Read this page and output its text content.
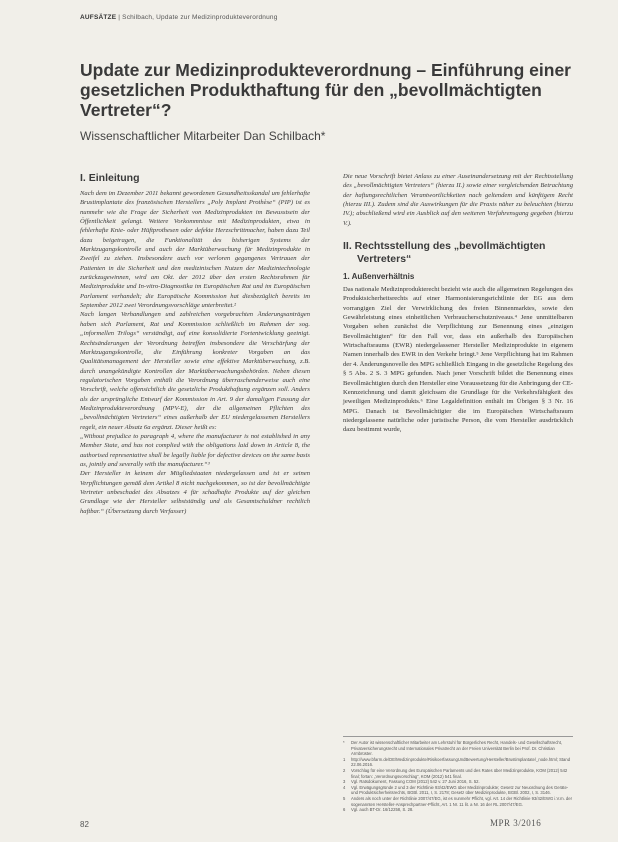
AUFSÄTZE | Schilbach, Update zur Medizinprodukteverordnung
Update zur Medizinprodukteverordnung – Einführung einer gesetzlichen Produkthaftung für den „bevollmächtigten Vertreter“?
Wissenschaftlicher Mitarbeiter Dan Schilbach*
I. Einleitung

Nach dem im Dezember 2011 bekannt gewordenen Gesundheitsskandal um fehlerhafte Brustimplantate des französischen Herstellers „Poly Implant Prothèse“ (PIP) ist es nunmehr wie die Frage der Sicherheit von Medizinprodukten im Bewusstsein der Öffentlichkeit gelangt. Weitere Vorkommnisse mit Medizinprodukten, etwa in fehlerhafte Knie- oder Hüftprothesen oder defekte Herzschrittmacher, haben dazu Teil dazu beigetragen, die Funktionalität des bisherigen Systems der Marktzugangskontrolle und auch der Marktüberwachung für Medizinprodukte in Zweifel zu ziehen. Insbesondere auch vor verloren gegangenes Vertrauen der Patienten in die Sicherheit und den medizinischen Nutzen der Medizintechnologie zurückzugewinnen, wird am Okt. der 2012 über den ersten Rechtsrahmen für Medizinprodukte und In-vitro-Diagnostika im Europäischen Rat und im Europäischen Parlament verhandelt; die Europäische Kommission hat diesbezüglich bereits im September 2012 zwei Verordnungsvorschläge unterbreitet.²

Nach langen Verhandlungen und zahlreichen vorgebrachten Änderungsanträgen haben sich Parlament, Rat und Kommission schließlich im Rahmen der sog. „informellen Trilogs“ verständigt, auf eine konsolidierte Fortentwicklung geeinigt. Rechtsänderungen der Verordnung betreffen insbesondere die Verschärfung der Marktzugangskontrolle, die Einführung konkreter Vorgaben an das Qualitätsmanagement der Hersteller sowie eine effektive Marktüberwachung, z.B. durch unangekündigte Kontrollen der Marktüberwachungsbehörden. Neben diesen regulatorischen Vorgaben enthält die Verordnung überraschenderweise auch eine Vorschrift, welche offensichtlich die gesetzliche Produkthaftung ergänzen soll. Anders als der ursprüngliche Entwurf der Kommission in Art. 9 der damaligen Fassung der Medizinprodukteverordnung (MPV-E), der die allgemeinen Pflichten des „bevollmächtigten Vertreters“ eines außerhalb der EU niedergelassenen Herstellers regelt, ein neuer Absatz 6a ergänzt. Dieser heißt es:

„Without prejudice to paragraph 4, where the manufacturer is not established in any Member State, and has not complied with the obligations laid down in Article 8, the authorised representative shall be legally liable for defective devices on the same basis as, jointly and severally with the manufacturer.“³

Der Hersteller in keinem der Mitgliedstaaten niedergelassen und ist er seinen Verpflichtungen gemäß dem Artikel 8 nicht nachgekommen, so ist der bevollmächtigte Vertreter unbeschadet des Absatzes 4 für schadhafte Produkte auf der gleichen Grundlage wie der Hersteller selbstständig und als Gesamtschuldner rechtlich haftbar.“ (Übersetzung durch Verfasser)

Die neue Vorschrift bietet Anlass zu einer Auseinandersetzung mit der Rechtsstellung des „bevollmächtigten Vertreters“ (hierzu II.) sowie einer vergleichenden Betrachtung der haftungsrechtlichen Verantwortlichkeiten nach geltendem und künftigem Recht (hierzu III.). Zudem sind die Auswirkungen für die Praxis näher zu beleuchten (hierzu IV.); abschließend wird ein Ausblick auf den weiteren Verfahrensgang gegeben (hierzu V.).

II. Rechtsstellung des „bevollmächtigten Vertreters“
1. Außenverhältnis

Das nationale Medizinprodukterecht bezieht wie auch die allgemeinen Regelungen des Produktsicherheitsrechts auf einer Harmonisierungsrichtlinie der EG aus dem vorrangigen Ziel der Verwirklichung des freien Binnenmarktes, sowie den Gewährleistung eines einheitlichen Verbraucherschutzniveaus.⁴ Jene unmittelbaren Vorgaben sehen zunächst die Verpflichtung zur Benennung eines „einzigen Bevollmächtigten“ für den Fall vor, dass ein außerhalb des Europäischen Wirtschaftsraums (EWR) niedergelassener Hersteller Medizinprodukte in eigenem Namen innerhalb des EWR in den Verkehr bringt.⁵ Jene Verpflichtung hat im Rahmen der 4. Änderungsnovelle des MPG schließlich Eingang in die gesetzliche Regelung des § 5 Abs. 2 S. 3 MPG gefunden. Nach jener Vorschrift bildet die Benennung eines Bevollmächtigten durch den Hersteller eine Voraussetzung für die Anbringung der CE-Kennzeichnung und damit gleichsam die Grundlage für die Verkehrsfähigkeit des jeweiligen Medizinprodukts.⁶ Eine Legaldefinition enthält im Übrigen § 3 Nr. 16 MPG. Danach ist Bevollmächtigter die im Europäischen Wirtschaftsraum niedergelassene natürliche oder juristische Person, die vom Hersteller ausdrücklich dazu bestimmt wurde,

*	Der Autor ist wissenschaftlicher Mitarbeiter am Lehrstuhl für Bürgerliches Recht, Handels- und Gesellschaftsrecht, Privatversicherungsrecht und Internationales Privatrecht an der Freien Universität Berlin bei Prof. Dr. Christian Armbrüster.
1	http://www.bfarm.de/DE/Medizinprodukte/RisikoerfassungUndBewertung/Hersteller/Brustimplantate/_node.html; Stand 22.06.2016.
2	Vorschlag für eine Verordnung des Europäischen Parlaments und des Rates über Medizinprodukte, KOM (2012) 542 final; fortan: „Verordnungsvorschlag“, KOM (2012) 541 final.
3	Vgl. Ratsdokument, Fassung COM (2012) 542 v. 27 Juni 2016, S. 52.
4	Vgl. Erwägungsgründe 2 und 3 der Richtlinie 93/42/EWG über Medizinprodukte; Gesetz zur Neuordnung des Geräte- und Produktsicherheitsrechts, BGBl. 2011, I, S. 2178; Gesetz über Medizinprodukte, BGBl. 2002, I, S. 3146.
5	Anders als noch unter der Richtlinie 2007/47/EG, ist es nunmehr Pflicht, vgl. Art. 14 der Richtlinie 93/42/EWG i.V.m. der sogenannten Hersteller-Ansprechpartner-Pflicht, Art. 1 Nr. 11 lit. a Nr. 16 der RL 2007/47/EG.
6	Vgl. auch BT-Dr. 16/12258, S. 28.
82	MPR 3/2016
